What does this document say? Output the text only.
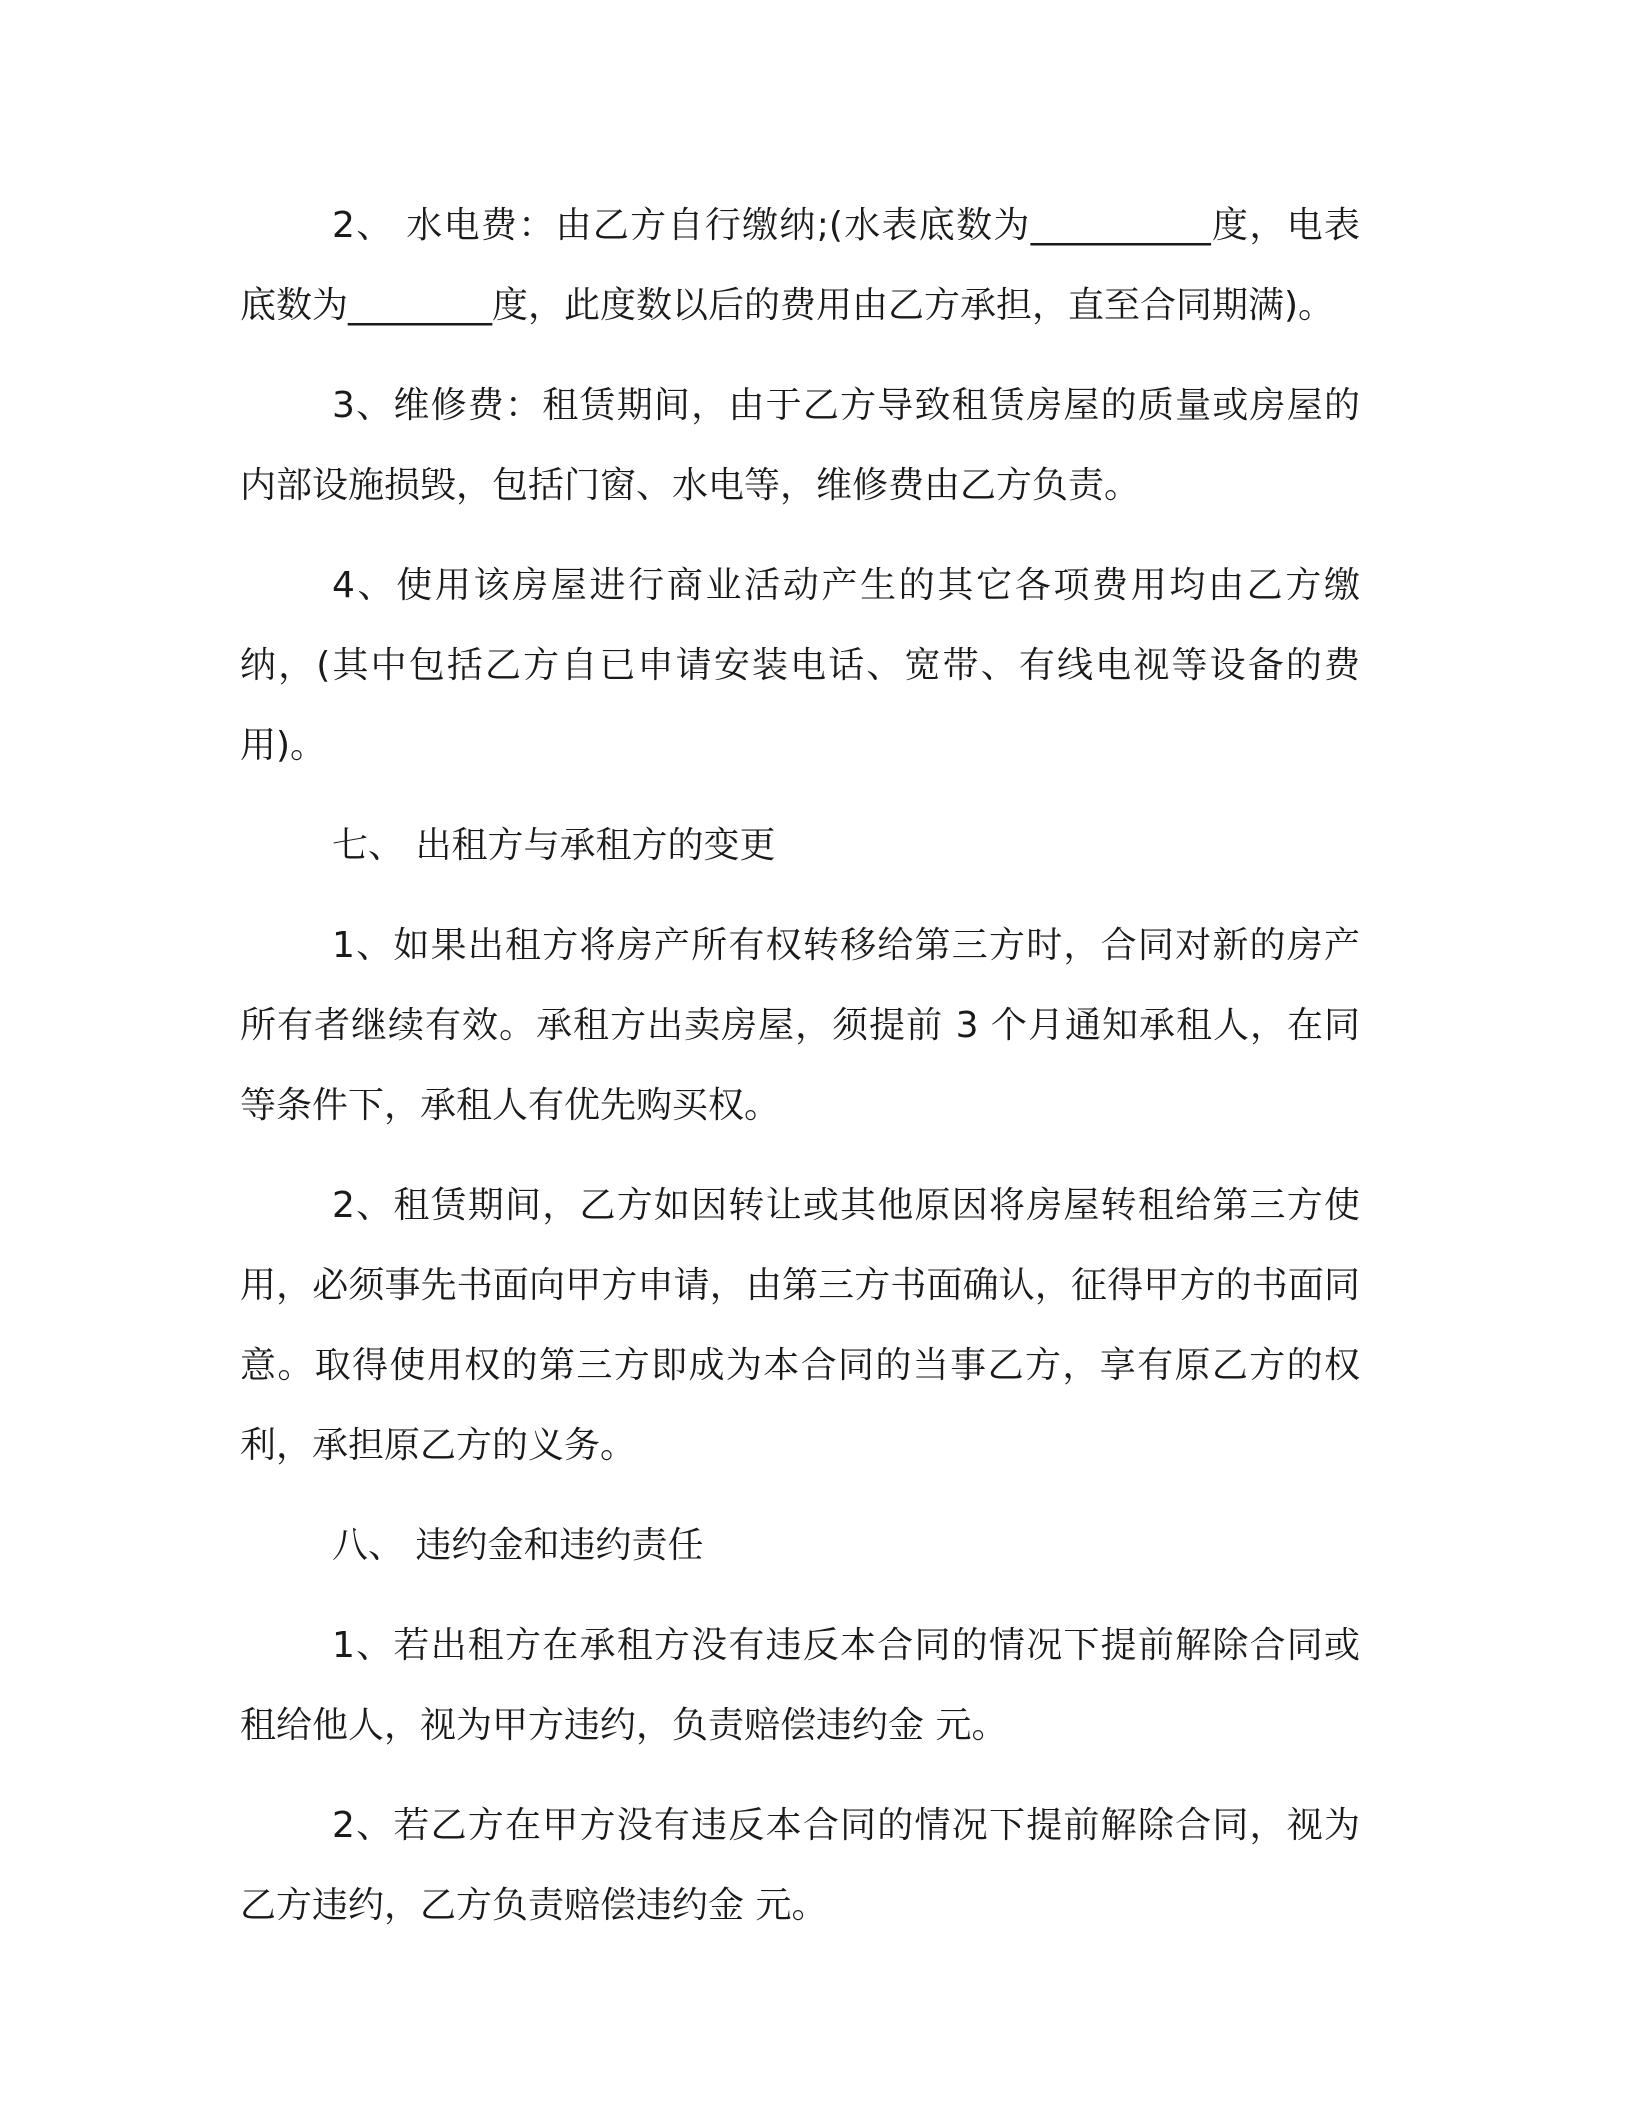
2、 水电费：由乙方自行缴纳;(水表底数为__________度，电表底数为________度，此度数以后的费用由乙方承担，直至合同期满)。

3、维修费：租赁期间，由于乙方导致租赁房屋的质量或房屋的内部设施损毁，包括门窗、水电等，维修费由乙方负责。

4、使用该房屋进行商业活动产生的其它各项费用均由乙方缴纳，(其中包括乙方自已申请安装电话、宽带、有线电视等设备的费用)。

七、 出租方与承租方的变更

1、如果出租方将房产所有权转移给第三方时，合同对新的房产所有者继续有效。承租方出卖房屋，须提前 3 个月通知承租人，在同等条件下，承租人有优先购买权。

2、租赁期间，乙方如因转让或其他原因将房屋转租给第三方使用，必须事先书面向甲方申请，由第三方书面确认，征得甲方的书面同意。取得使用权的第三方即成为本合同的当事乙方，享有原乙方的权利，承担原乙方的义务。

八、 违约金和违约责任

1、若出租方在承租方没有违反本合同的情况下提前解除合同或租给他人，视为甲方违约，负责赔偿违约金 元。

2、若乙方在甲方没有违反本合同的情况下提前解除合同，视为乙方违约，乙方负责赔偿违约金 元。
